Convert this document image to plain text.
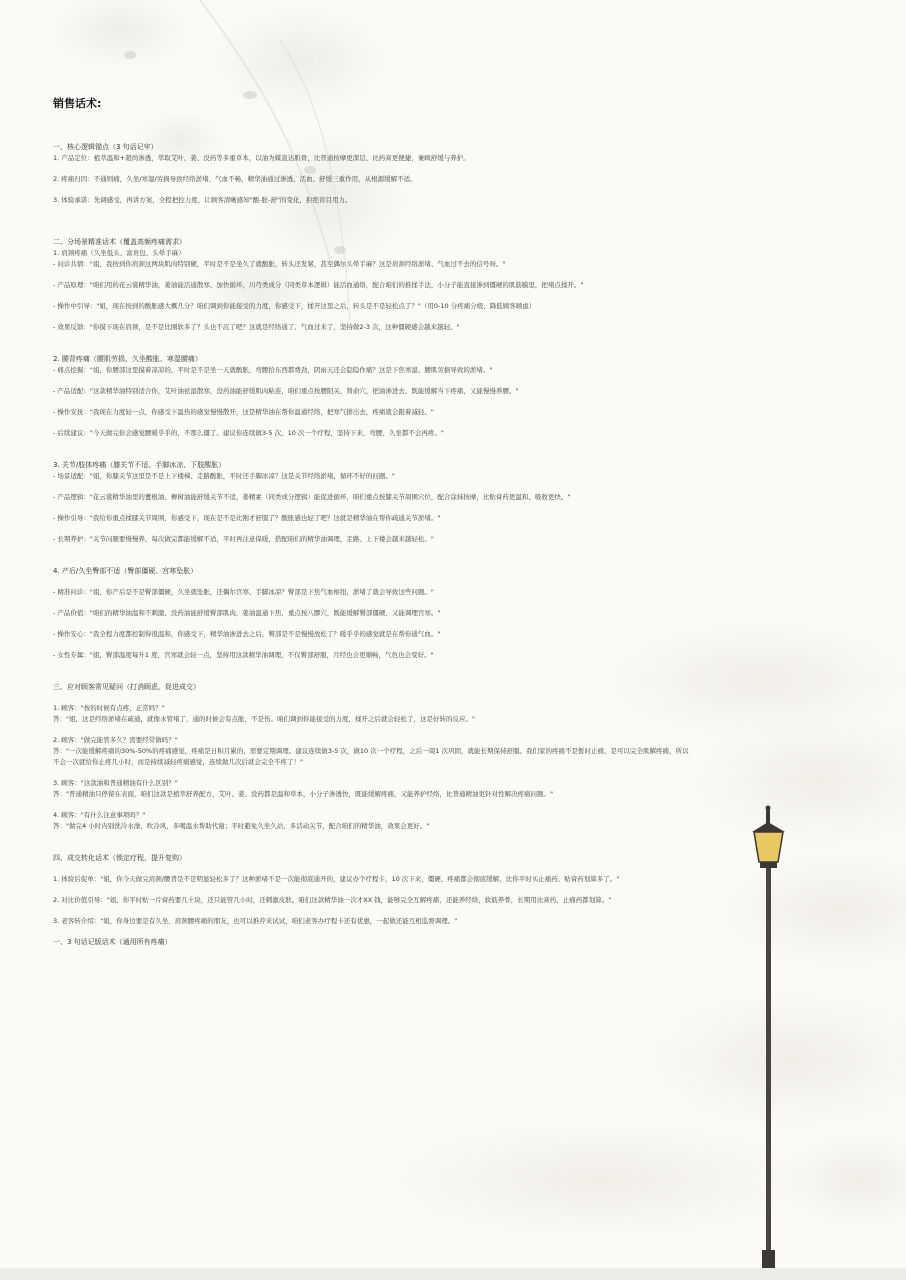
销售话术:
一、核心逻辑锚点（3 句话记牢）
1. 产品定位：植萃温和+超尚渗透，萃取艾叶、姜、没药等多重草本，以油为媒直达肌骨，比普通按摩更深层、比药膏更便捷，兼顾舒缓与养护。
2. 疼痛归因：不通则痛，久坐/寒湿/劳损导致经络淤堵、气血不畅，精华油通过渗透、活血、舒缓三重作用，从根源缓解不适。
3. 体验承诺：先调感受，再讲方案，全程把控力度，让顾客清晰感知"酸-胀-舒"的变化，拒绝盲目用力。
二、分场景精准话术（覆盖高频疼痛需求）
1. 肩颈疼痛（久坐低头、富贵包、头晕手麻）
- 问诊共情："姐，我按到你肩颈这两块肌肉特别硬，平时是不是坐久了就酸胀，转头还发紧，甚至偶尔头晕手麻？这是肩颈经络淤堵、气血过不去的信号呀。"
- 产品原理："咱们用的花云裳精华油，姜油能活通散寒、加快循环，川芎类成分（同类草本逻辑）能活血通络，配合咱们的推揉手法，小分子能直接渗到僵硬的肌筋膜里，把堵点揉开。"
- 操作中引导："姐，现在按到的酸胀感大概几分？咱们调到你能接受的力度，你感受下，揉开这里之后，转头是不是轻松点了？"（用0-10 分疼痛分级，降低顾客顾虑）
- 效果反馈："你摸下现在肩颈，是不是比刚软多了？头也不沉了吧？这就是经络通了、气血过来了，坚持做2-3 次，这种僵硬感会越来越轻。"
2. 腰背疼痛（腰肌劳损、久坐酸胀、寒湿腰痛）
- 痛点挖掘："姐，你腰部这里摸着凉凉的，平时是不是坐一天就酸胀，弯腰拾东西都费劲，阴雨天还会隐隐作痛？这是下焦寒湿、腰肌劳损导致的淤堵。"
- 产品适配："这款精华油特别适合你，艾叶油祛湿散寒，没药油能舒缓肌肉粘连，咱们重点按腰阳关、肾俞穴，把油渗进去，既能缓解当下疼痛，又能慢慢养腰。"
- 操作安抚："我现在力度轻一点，你感受下温热的感觉慢慢散开，这是精华油在帮你温通经络，把寒气排出去，疼痛就会跟着减轻。"
- 后续建议："今天做完你会感觉腰暖乎乎的，不那么僵了。建议你连续做3-5 次，10 次一个疗程，坚持下来，弯腰、久坐都不会再疼。"
3. 关节/肢体疼痛（膝关节不适、手脚冰凉、下肢酸胀）
- 场景适配："姐，你膝关节这里是不是上下楼梯、走路酸胀，平时还手脚冰凉？这是关节经络淤堵、循环不好的问题。"
- 产品逻辑："花云裳精华油里的薑根油、柳树油能舒缓关节不适，姜精素（同类成分逻辑）能促进循环，咱们重点按膝关节周围穴位，配合涂抹按摩，比贴膏药更温和、吸收更快。"
- 操作引导："我给你重点揉膝关节周围，你感受下，现在是不是比刚才舒服了？酸胀感也轻了吧？这就是精华油在帮你疏通关节淤堵。"
- 长期养护："关节问题要慢慢养，每次做完都能缓解不适，平时再注意保暖，搭配咱们的精华油调理，走路、上下楼会越来越轻松。"
4. 产后/久坐臀部不适（臀部僵硬、宫寒坠胀）
- 精准问诊："姐，你产后是不是臀部僵硬，久坐就坠胀，还偶尔宫寒、手脚冰凉？臀部是下焦气血枢纽，淤堵了就会导致这些问题。"
- 产品价值："咱们的精华油温和不刺激，没药油能舒缓臀部肌肉，姜油温通下焦，重点按八髎穴，既能缓解臀部僵硬，又能调理宫寒。"
- 操作安心："我全程力度都控制得很温和，你感受下，精华油渗进去之后，臀部是不是慢慢放松了？暖乎乎的感觉就是在帮你通气血。"
- 女性专属："姐，臀部温度每升1 度，宫寒就会轻一点，坚持用这款精华油调理，不仅臀部舒服，月经也会更顺畅，气色也会变好。"
三、应对顾客常见疑问（打消顾虑，促进成交）
1. 顾客："按的时候有点疼，正常吗？"
答："姐，这是经络淤堵在疏通，就像水管堵了，通的时候会有点胀，不是伤。咱们调到你能接受的力度，揉开之后就会轻松了，这是好转的反应。"
2. 顾客："做完能管多久？需要经常做吗？"
答："一次能缓解疼痛的30%-50%的疼痛感觉，疼痛是日积月累的，需要定期调理。建议连续做3-5 次，做10 次一个疗程，之后一周1 次巩固，就能长期保持舒服。我们家的疼痛不是暂时止痛，是可以完全肌解疼痛，所以不会一次就给你止疼几小时，而是持续减轻疼痛感觉，连续做几次后就会完全不疼了！"
3. 顾客："这款油和普通精油有什么区别？"
答："普通精油只停留在表面，咱们这款是植萃舒养配方，艾叶、姜、没药都是温和草本，小分子渗透快，既能缓解疼痛，又能养护经络，比普通精油更针对性解决疼痛问题。"
4. 顾客："有什么注意事项吗？"
答："做完4 小时内别洗冷水澡、吹冷风，多喝温水帮助代谢；平时避免久坐久站，多活动关节，配合咱们的精华油，效果会更好。"
四、成交转化话术（锁定疗程，提升复购）
1. 体验后促单："姐，你今天做完肩颈/腰背是不是明显轻松多了？这种淤堵不是一次能彻底通开的，建议办个疗程卡，10 次下来，僵硬、疼痛都会彻底缓解，比你平时买止痛药、贴膏药划算多了。"
2. 对比价值引导："姐，你平时贴一片膏药要几十块，还只能管几小时，还刺激皮肤。咱们这款精华油一次才XX 钱，能够完全互解疼痛，还能养经络，软筋养骨，长期用比膏药、止痛药都划算。"
3. 老客转介绍："姐，你身边要是有久坐、肩颈腰疼痛的朋友，也可以推荐来试试，咱们老客办疗程卡还有优惠，一起做还能互相监督调理。"
一、3 句话记版话术（通用所有疼痛）
